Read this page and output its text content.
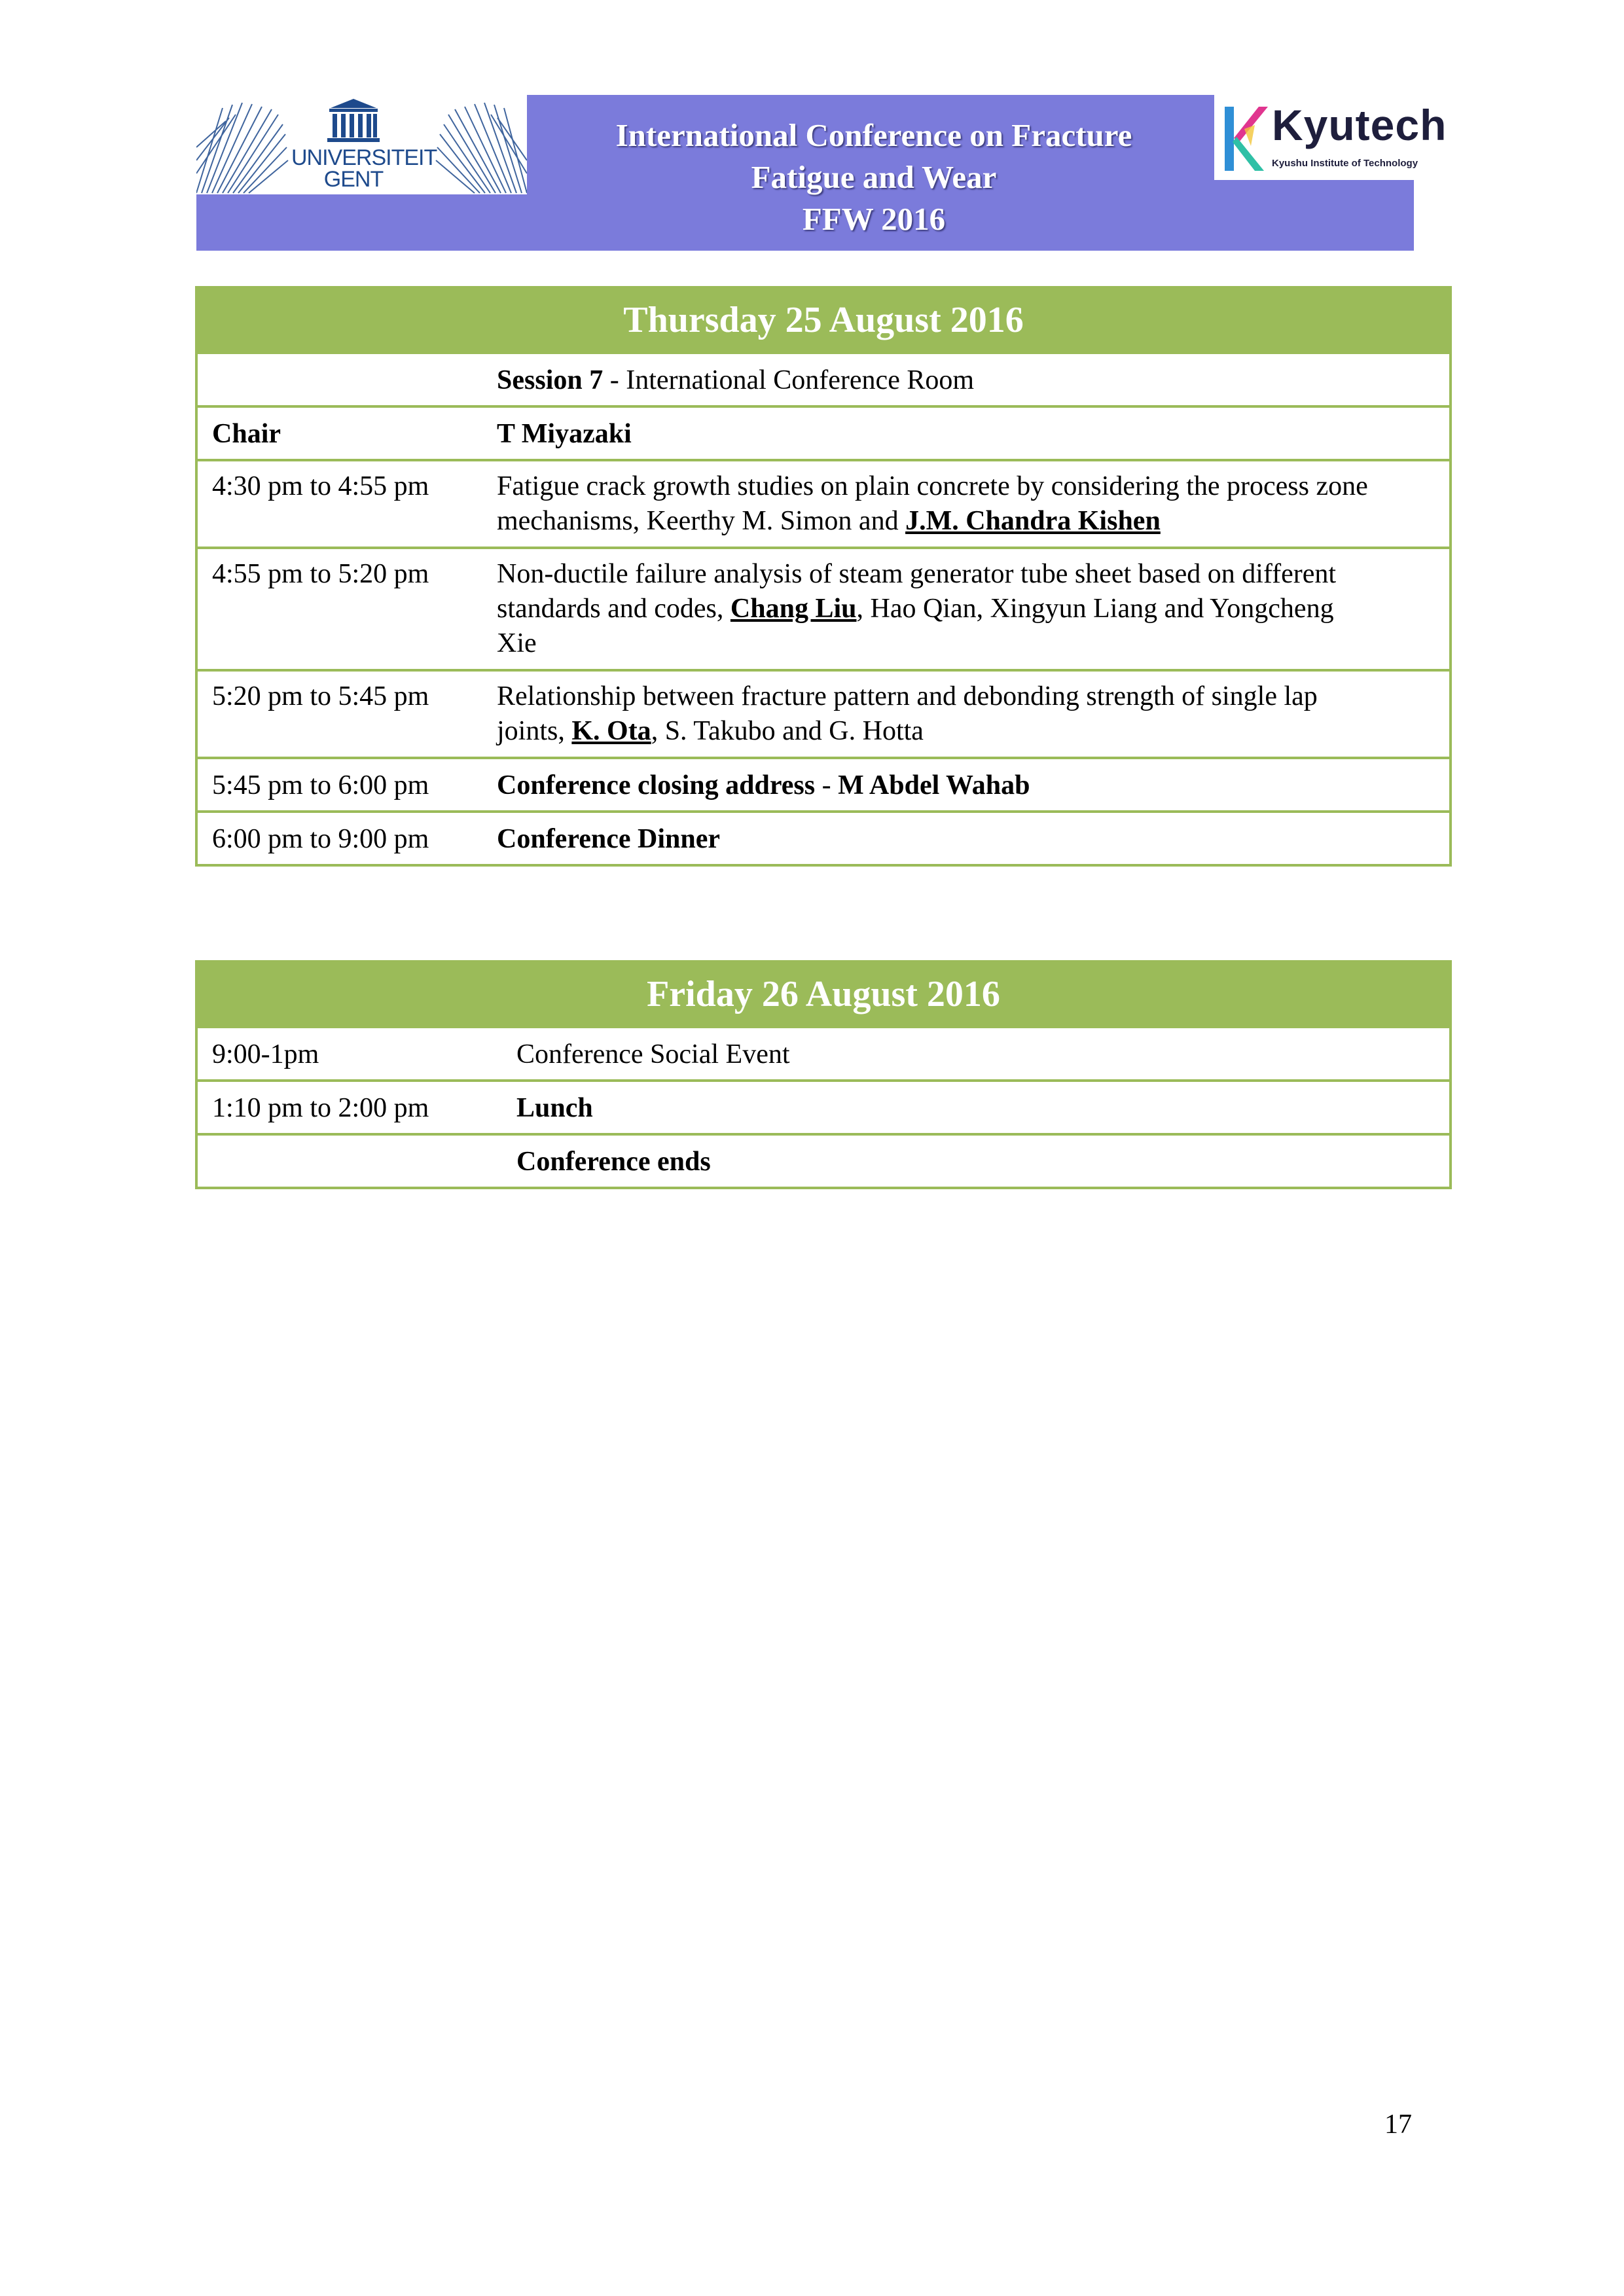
UNIVERSITEIT
GENT
International Conference on Fracture
Fatigue and Wear
FFW 2016
Kyutech
Kyushu Institute of Technology
Thursday 25 August 2016
Session 7 - International Conference Room
Chair	T Miyazaki
4:30 pm to 4:55 pm Fatigue crack growth studies on plain concrete by considering the process zone
mechanisms, Keerthy M. Simon and J.M. Chandra Kishen
4:55 pm to 5:20 pm Non-ductile failure analysis of steam generator tube sheet based on different
standards and codes, Chang Liu, Hao Qian, Xingyun Liang and Yongcheng
Xie
5:20 pm to 5:45 pm Relationship between fracture pattern and debonding strength of single lap
joints, K. Ota, S. Takubo and G. Hotta
5:45 pm to 6:00 pm Conference closing address - M Abdel Wahab
6:00 pm to 9:00 pm Conference Dinner
Friday 26 August 2016
9:00-1pm	Conference Social Event
1:10 pm to 2:00 pm	Lunch
Conference ends
17
